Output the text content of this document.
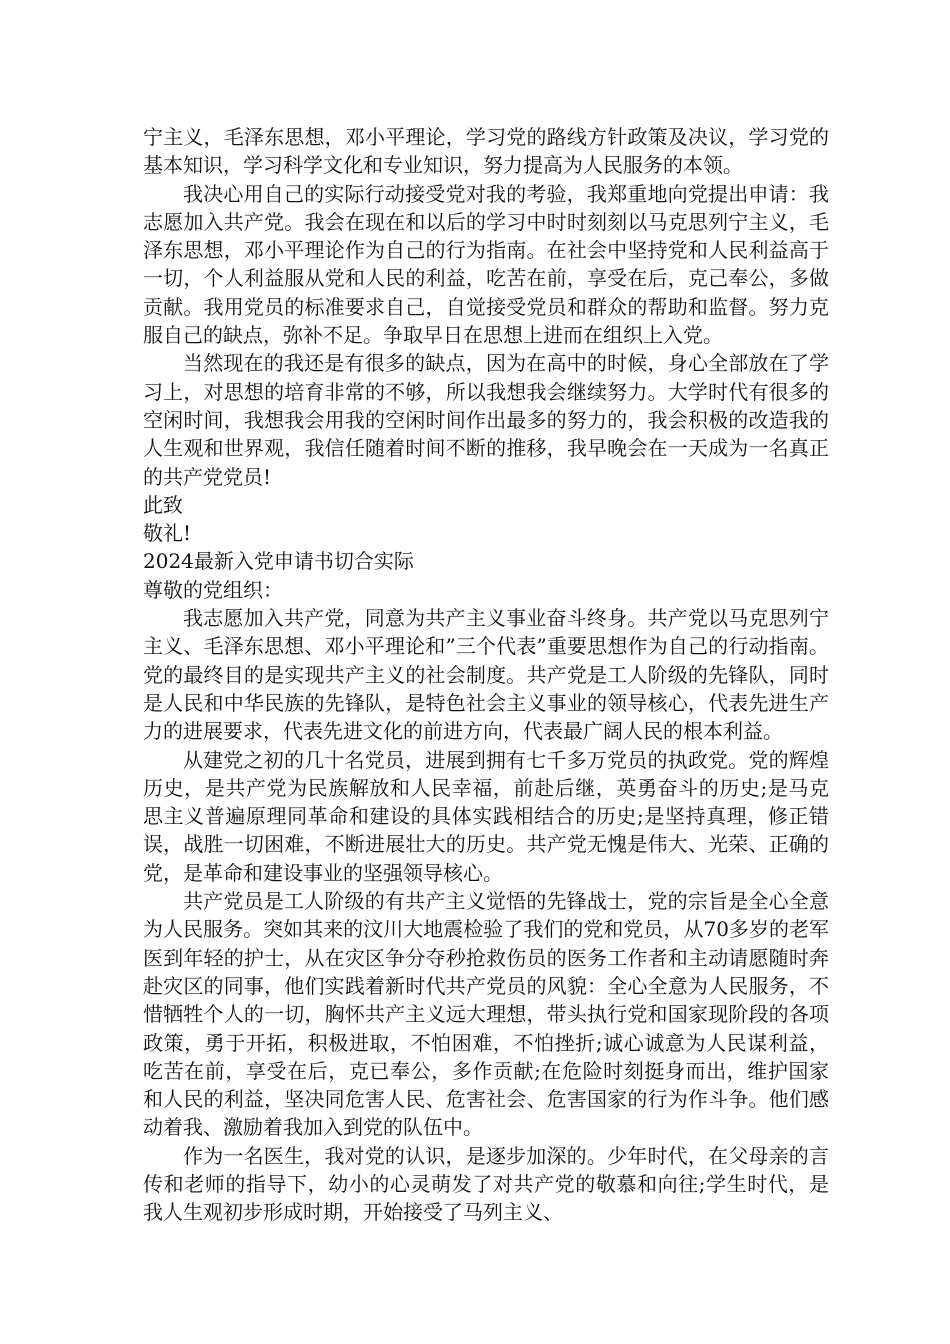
宁主义，毛泽东思想，邓小平理论，学习党的路线方针政策及决议，学习党的基本知识，学习科学文化和专业知识，努力提高为人民服务的本领。

我决心用自己的实际行动接受党对我的考验，我郑重地向党提出申请：我志愿加入共产党。我会在现在和以后的学习中时时刻刻以马克思列宁主义，毛泽东思想，邓小平理论作为自己的行为指南。在社会中坚持党和人民利益高于一切，个人利益服从党和人民的利益，吃苦在前，享受在后，克己奉公，多做贡献。我用党员的标准要求自己，自觉接受党员和群众的帮助和监督。努力克服自己的缺点，弥补不足。争取早日在思想上进而在组织上入党。

当然现在的我还是有很多的缺点，因为在高中的时候，身心全部放在了学习上，对思想的培育非常的不够，所以我想我会继续努力。大学时代有很多的空闲时间，我想我会用我的空闲时间作出最多的努力的，我会积极的改造我的人生观和世界观，我信任随着时间不断的推移，我早晚会在一天成为一名真正的共产党党员!

此致

敬礼!

2024最新入党申请书切合实际

尊敬的党组织：

我志愿加入共产党，同意为共产主义事业奋斗终身。共产党以马克思列宁主义、毛泽东思想、邓小平理论和”三个代表”重要思想作为自己的行动指南。党的最终目的是实现共产主义的社会制度。共产党是工人阶级的先锋队，同时是人民和中华民族的先锋队，是特色社会主义事业的领导核心，代表先进生产力的进展要求，代表先进文化的前进方向，代表最广阔人民的根本利益。

从建党之初的几十名党员，进展到拥有七千多万党员的执政党。党的辉煌历史，是共产党为民族解放和人民幸福，前赴后继，英勇奋斗的历史;是马克思主义普遍原理同革命和建设的具体实践相结合的历史;是坚持真理，修正错误，战胜一切困难，不断进展壮大的历史。共产党无愧是伟大、光荣、正确的党，是革命和建设事业的坚强领导核心。

共产党员是工人阶级的有共产主义觉悟的先锋战士，党的宗旨是全心全意为人民服务。突如其来的汶川大地震检验了我们的党和党员，从70多岁的老军医到年轻的护士，从在灾区争分夺秒抢救伤员的医务工作者和主动请愿随时奔赴灾区的同事，他们实践着新时代共产党员的风貌：全心全意为人民服务，不惜牺牲个人的一切，胸怀共产主义远大理想，带头执行党和国家现阶段的各项政策，勇于开拓，积极进取，不怕困难，不怕挫折;诚心诚意为人民谋利益，吃苦在前，享受在后，克已奉公，多作贡献;在危险时刻挺身而出，维护国家和人民的利益，坚决同危害人民、危害社会、危害国家的行为作斗争。他们感动着我、激励着我加入到党的队伍中。

作为一名医生，我对党的认识，是逐步加深的。少年时代，在父母亲的言传和老师的指导下，幼小的心灵萌发了对共产党的敬慕和向往;学生时代，是我人生观初步形成时期，开始接受了马列主义、
